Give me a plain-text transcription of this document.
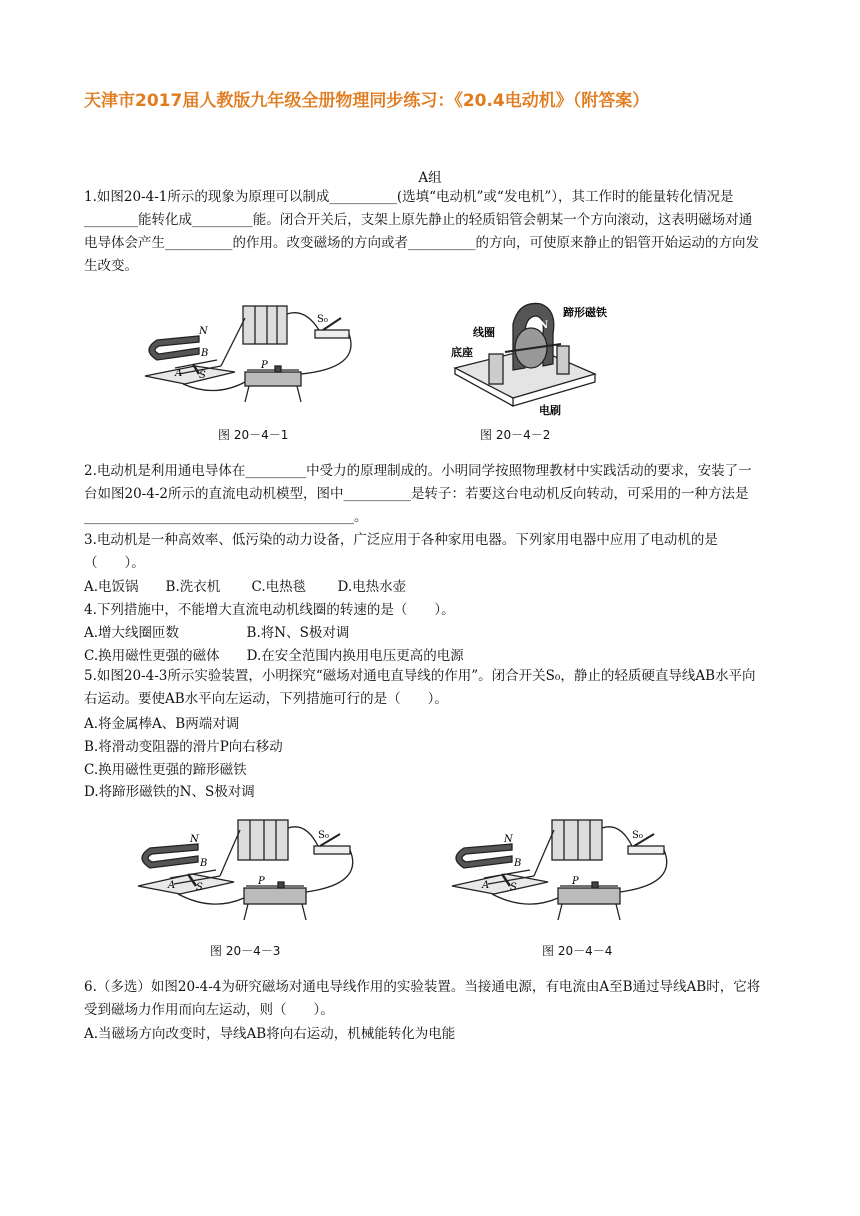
天津市2017届人教版九年级全册物理同步练习：《20.4电动机》（附答案）
A组
1.如图20-4-1所示的现象为原理可以制成__________(选填“电动机”或“发电机”），其工作时的能量转化情况是________能转化成_________能。闭合开关后，支架上原先静止的轻质铝管会朝某一个方向滚动，这表明磁场对通电导体会产生__________的作用。改变磁场的方向或者__________的方向，可使原来静止的铝管开始运动的方向发生改变。
N
B
A S
P
S₀
图 20－4－1
蹄形磁铁
线圈
底座
电刷
N
图 20－4－2
2.电动机是利用通电导体在_________中受力的原理制成的。小明同学按照物理教材中实践活动的要求，安装了一台如图20-4-2所示的直流电动机模型，图中__________是转子：若要这台电动机反向转动，可采用的一种方法是________________________________________。
3.电动机是一种高效率、低污染的动力设备，广泛应用于各种家用电器。下列家用电器中应用了电动机的是（　　）。
A.电饭锅　　B.洗衣机　　 C.电热毯　　 D.电热水壶
4.下列措施中，不能增大直流电动机线圈的转速的是（　　）。
A.增大线圈匝数　　　　　B.将N、S极对调
C.换用磁性更强的磁体　　D.在安全范围内换用电压更高的电源
5.如图20-4-3所示实验装置，小明探究“磁场对通电直导线的作用”。闭合开关S₀，静止的轻质硬直导线AB水平向右运动。要使AB水平向左运动，下列措施可行的是（　　）。
A.将金属棒A、B两端对调
B.将滑动变阻器的滑片P向右移动
C.换用磁性更强的蹄形磁铁
D.将蹄形磁铁的N、S极对调
N
B
A S
P
S₀
图 20－4－3
N
B
A S
P
S₀
图 20－4－4
6.（多选）如图20-4-4为研究磁场对通电导线作用的实验装置。当接通电源，有电流由A至B通过导线AB时，它将受到磁场力作用而向左运动，则（　　）。
A.当磁场方向改变时，导线AB将向右运动，机械能转化为电能
